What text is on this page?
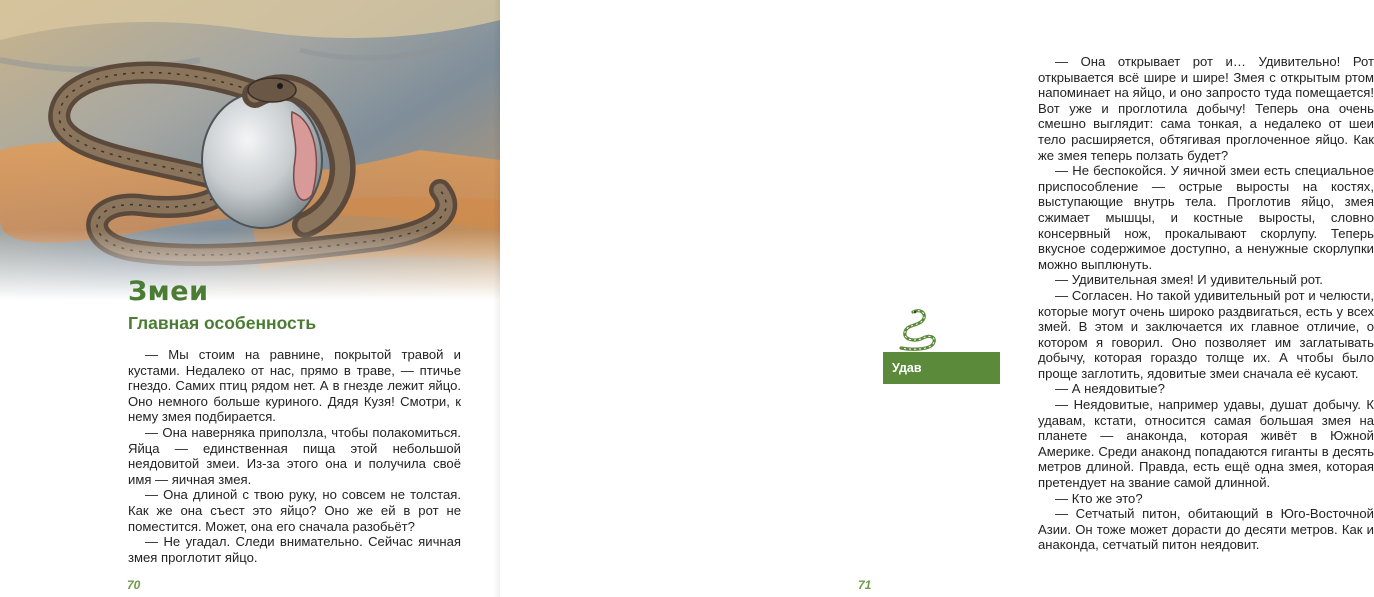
Змеи
Главная особенность

— Мы стоим на равнине, покрытой травой и кустами. Недалеко от нас, прямо в траве, — птичье гнездо. Самих птиц рядом нет. А в гнезде лежит яйцо. Оно немного больше куриного. Дядя Кузя! Смотри, к нему змея подбирается.

— Она наверняка приползла, чтобы полакомиться. Яйца — единственная пища этой небольшой неядовитой змеи. Из-за этого она и получила своё имя — яичная змея.

— Она длиной с твою руку, но совсем не толстая. Как же она съест это яйцо? Оно же ей в рот не поместится. Может, она его сначала разобьёт?

— Не угадал. Следи внимательно. Сейчас яичная змея проглотит яйцо.

70

— Она открывает рот и… Удивительно! Рот открывается всё шире и шире! Змея с открытым ртом напоминает на яйцо, и оно запросто туда помещается! Вот уже и проглотила добычу! Теперь она очень смешно выглядит: сама тонкая, а недалеко от шеи тело расширяется, обтягивая проглоченное яйцо. Как же змея теперь ползать будет?

— Не беспокойся. У яичной змеи есть специальное приспособление — острые выросты на костях, выступающие внутрь тела. Проглотив яйцо, змея сжимает мышцы, и костные выросты, словно консервный нож, прокалывают скорлупу. Теперь вкусное содержимое доступно, а ненужные скорлупки можно выплюнуть.

— Удивительная змея! И удивительный рот.

— Согласен. Но такой удивительный рот и челюсти, которые могут очень широко раздвигаться, есть у всех змей. В этом и заключается их главное отличие, о котором я говорил. Оно позволяет им заглатывать добычу, которая гораздо толще их. А чтобы было проще заглотить, ядовитые змеи сначала её кусают.

— А неядовитые?

— Неядовитые, например удавы, душат добычу. К удавам, кстати, относится самая большая змея на планете — анаконда, которая живёт в Южной Америке. Среди анаконд попадаются гиганты в десять метров длиной. Правда, есть ещё одна змея, которая претендует на звание самой длинной.

— Кто же это?

— Сетчатый питон, обитающий в Юго-Восточной Азии. Он тоже может дорасти до десяти метров. Как и анаконда, сетчатый питон неядовит.

Удав
71
